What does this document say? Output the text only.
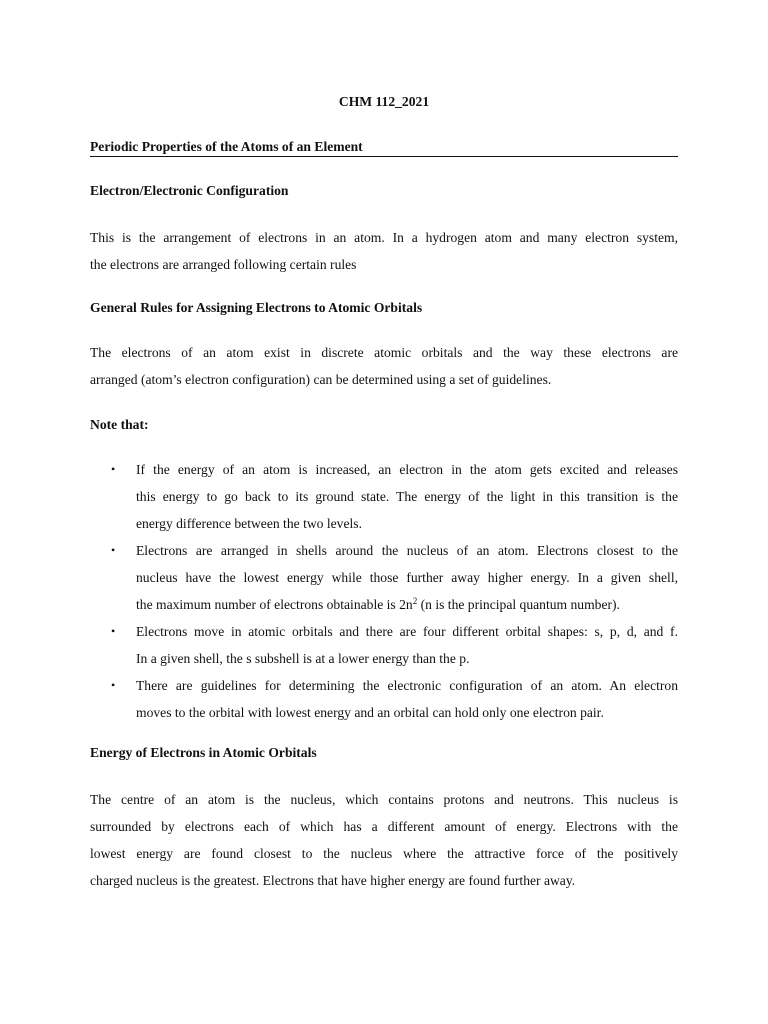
CHM 112_2021
Periodic Properties of the Atoms of an Element
Electron/Electronic Configuration
This is the arrangement of electrons in an atom. In a hydrogen atom and many electron system,
the electrons are arranged following certain rules
General Rules for Assigning Electrons to Atomic Orbitals
The electrons of an atom exist in discrete atomic orbitals and the way these electrons are
arranged (atom’s electron configuration) can be determined using a set of guidelines.
Note that:
• If the energy of an atom is increased, an electron in the atom gets excited and releases
this energy to go back to its ground state. The energy of the light in this transition is the
energy difference between the two levels.
• Electrons are arranged in shells around the nucleus of an atom. Electrons closest to the
nucleus have the lowest energy while those further away higher energy. In a given shell,
the maximum number of electrons obtainable is $2n^2$ (n is the principal quantum number).
• Electrons move in atomic orbitals and there are four different orbital shapes: s, p, d, and f.
In a given shell, the s subshell is at a lower energy than the p.
• There are guidelines for determining the electronic configuration of an atom. An electron
moves to the orbital with lowest energy and an orbital can hold only one electron pair.
Energy of Electrons in Atomic Orbitals
The centre of an atom is the nucleus, which contains protons and neutrons. This nucleus is
surrounded by electrons each of which has a different amount of energy. Electrons with the
lowest energy are found closest to the nucleus where the attractive force of the positively
charged nucleus is the greatest. Electrons that have higher energy are found further away.
